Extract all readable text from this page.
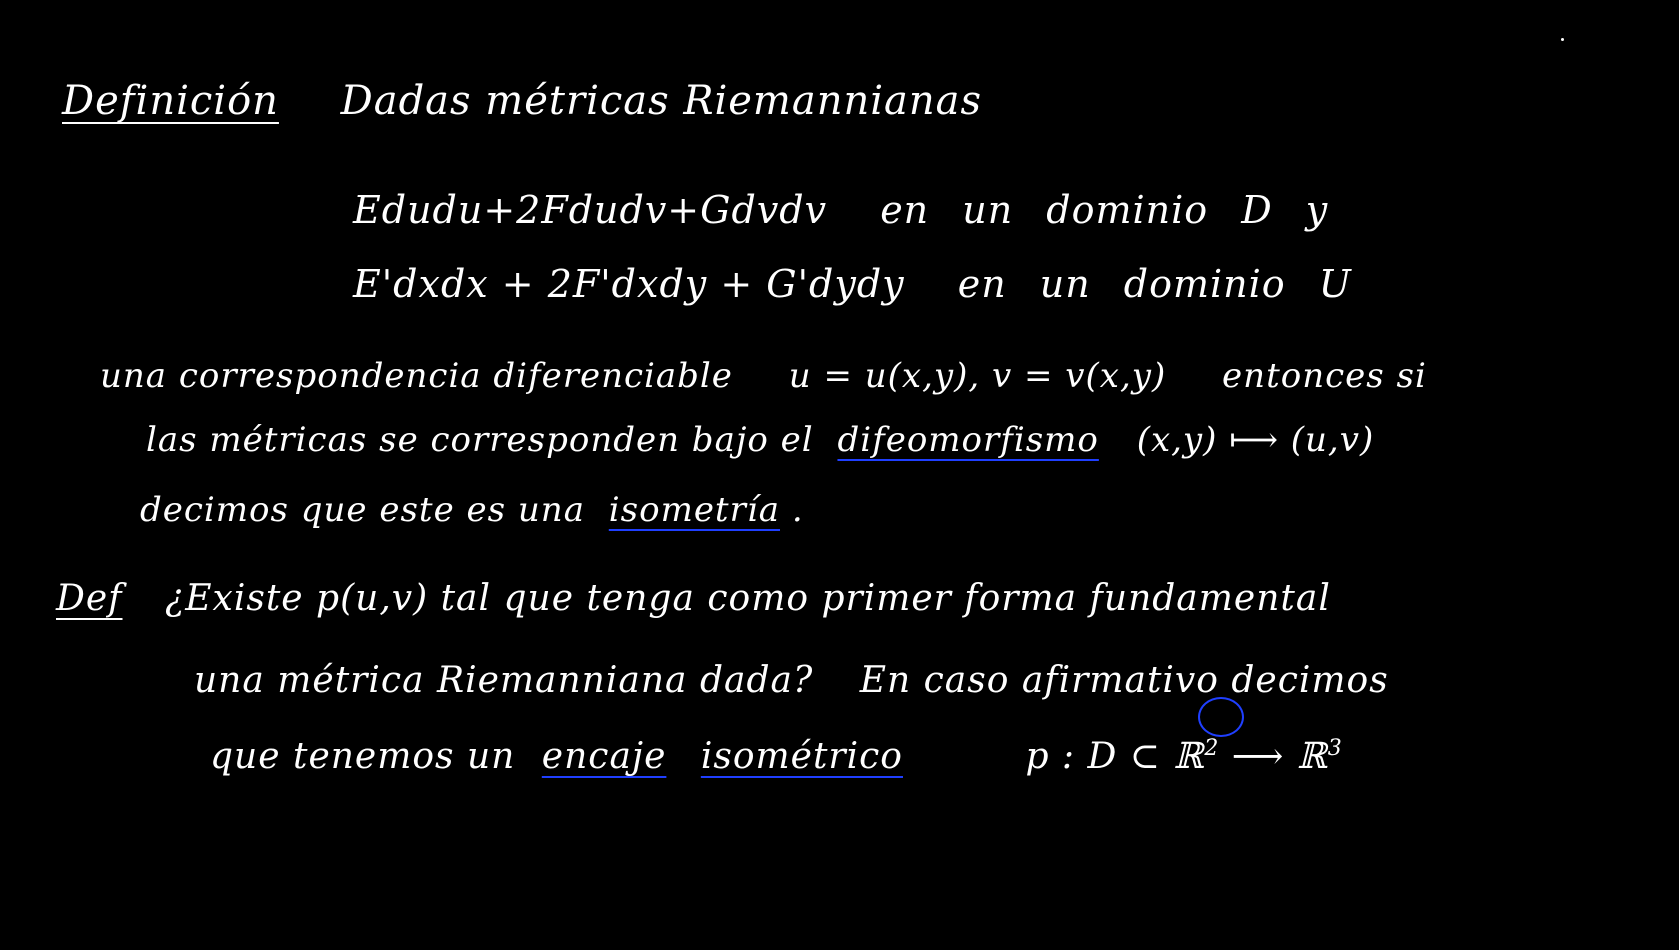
Definición Dadas métricas Riemannianas
Edudu+2Fdudv+Gdvdv en un dominio D y
E'dxdx + 2F'dxdy + G'dydy en un dominio U
una correspondencia diferenciable u = u(x,y), v = v(x,y) entonces si
las métricas se corresponden bajo el difeomorfismo (x,y) ⟼ (u,v)
decimos que este es una isometría .
Def ¿Existe p(u,v) tal que tenga como primer forma fundamental
una métrica Riemanniana dada? En caso afirmativo decimos
que tenemos un encaje isométrico	p : D ⊂ ℝ$^2$ ⟶ ℝ$^3$
